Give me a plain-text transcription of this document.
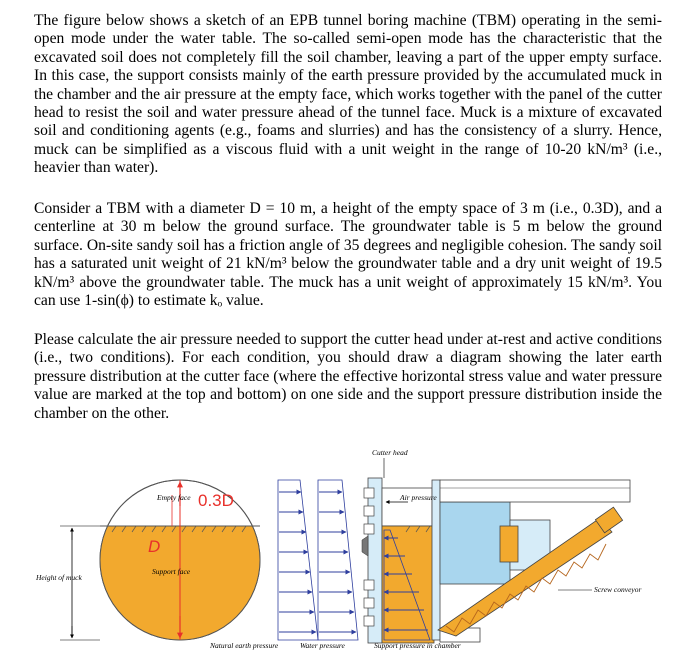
The figure below shows a sketch of an EPB tunnel boring machine (TBM) operating in the semi-open mode under the water table. The so-called semi-open mode has the characteristic that the excavated soil does not completely fill the soil chamber, leaving a part of the upper empty surface. In this case, the support consists mainly of the earth pressure provided by the accumulated muck in the chamber and the air pressure at the empty face, which works together with the panel of the cutter head to resist the soil and water pressure ahead of the tunnel face. Muck is a mixture of excavated soil and conditioning agents (e.g., foams and slurries) and has the consistency of a slurry. Hence, muck can be simplified as a viscous fluid with a unit weight in the range of 10-20 kN/m³ (i.e., heavier than water).

Consider a TBM with a diameter D = 10 m, a height of the empty space of 3 m (i.e., 0.3D), and a centerline at 30 m below the ground surface. The groundwater table is 5 m below the ground surface. On-site sandy soil has a friction angle of 35 degrees and negligible cohesion. The sandy soil has a saturated unit weight of 21 kN/m³ below the groundwater table and a dry unit weight of 19.5 kN/m³ above the groundwater table. The muck has a unit weight of approximately 15 kN/m³. You can use 1-sin(ϕ) to estimate kₒ value.

Please calculate the air pressure needed to support the cutter head under at-rest and active conditions (i.e., two conditions). For each condition, you should draw a diagram showing the later earth pressure distribution at the cutter face (where the effective horizontal stress value and water pressure value are marked at the top and bottom) on one side and the support pressure distribution inside the chamber on the other.

Empty face 0.3D
D
Support face
Height of muck
Cutter head
Air pressure
Screw conveyor
Natural earth pressure	Water pressure	Support pressure in chamber
